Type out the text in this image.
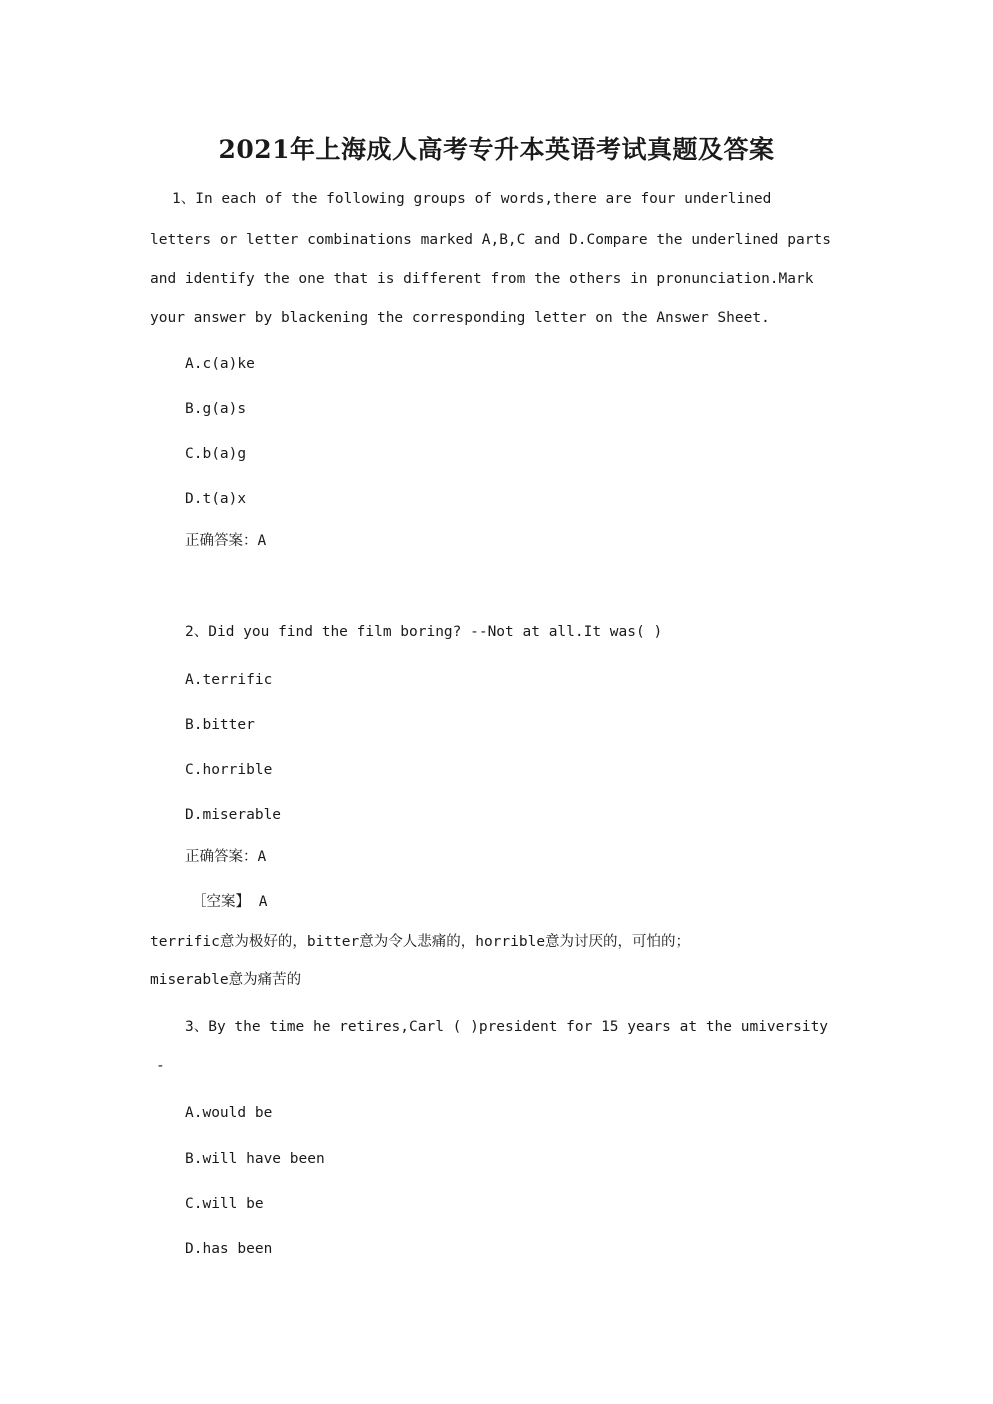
2021年上海成人高考专升本英语考试真题及答案
1、In each of the following groups of words,there are four underlined
letters or letter combinations marked A,B,C and D.Compare the underlined parts
and identify the one that is different from the others in pronunciation.Mark
your answer by blackening the corresponding letter on the Answer Sheet.
A.c(a)ke
B.g(a)s
C.b(a)g
D.t(a)x
正确答案：A
2、Did you find the film boring? --Not at all.It was( )
A.terrific
B.bitter
C.horrible
D.miserable
正确答案：A
［空案】 A
terrific意为极好的，bitter意为令人悲痛的，horrible意为讨厌的，可怕的；
miserable意为痛苦的
3、By the time he retires,Carl ( )president for 15 years at the umiversity
-
A.would be
B.will have been
C.will be
D.has been
